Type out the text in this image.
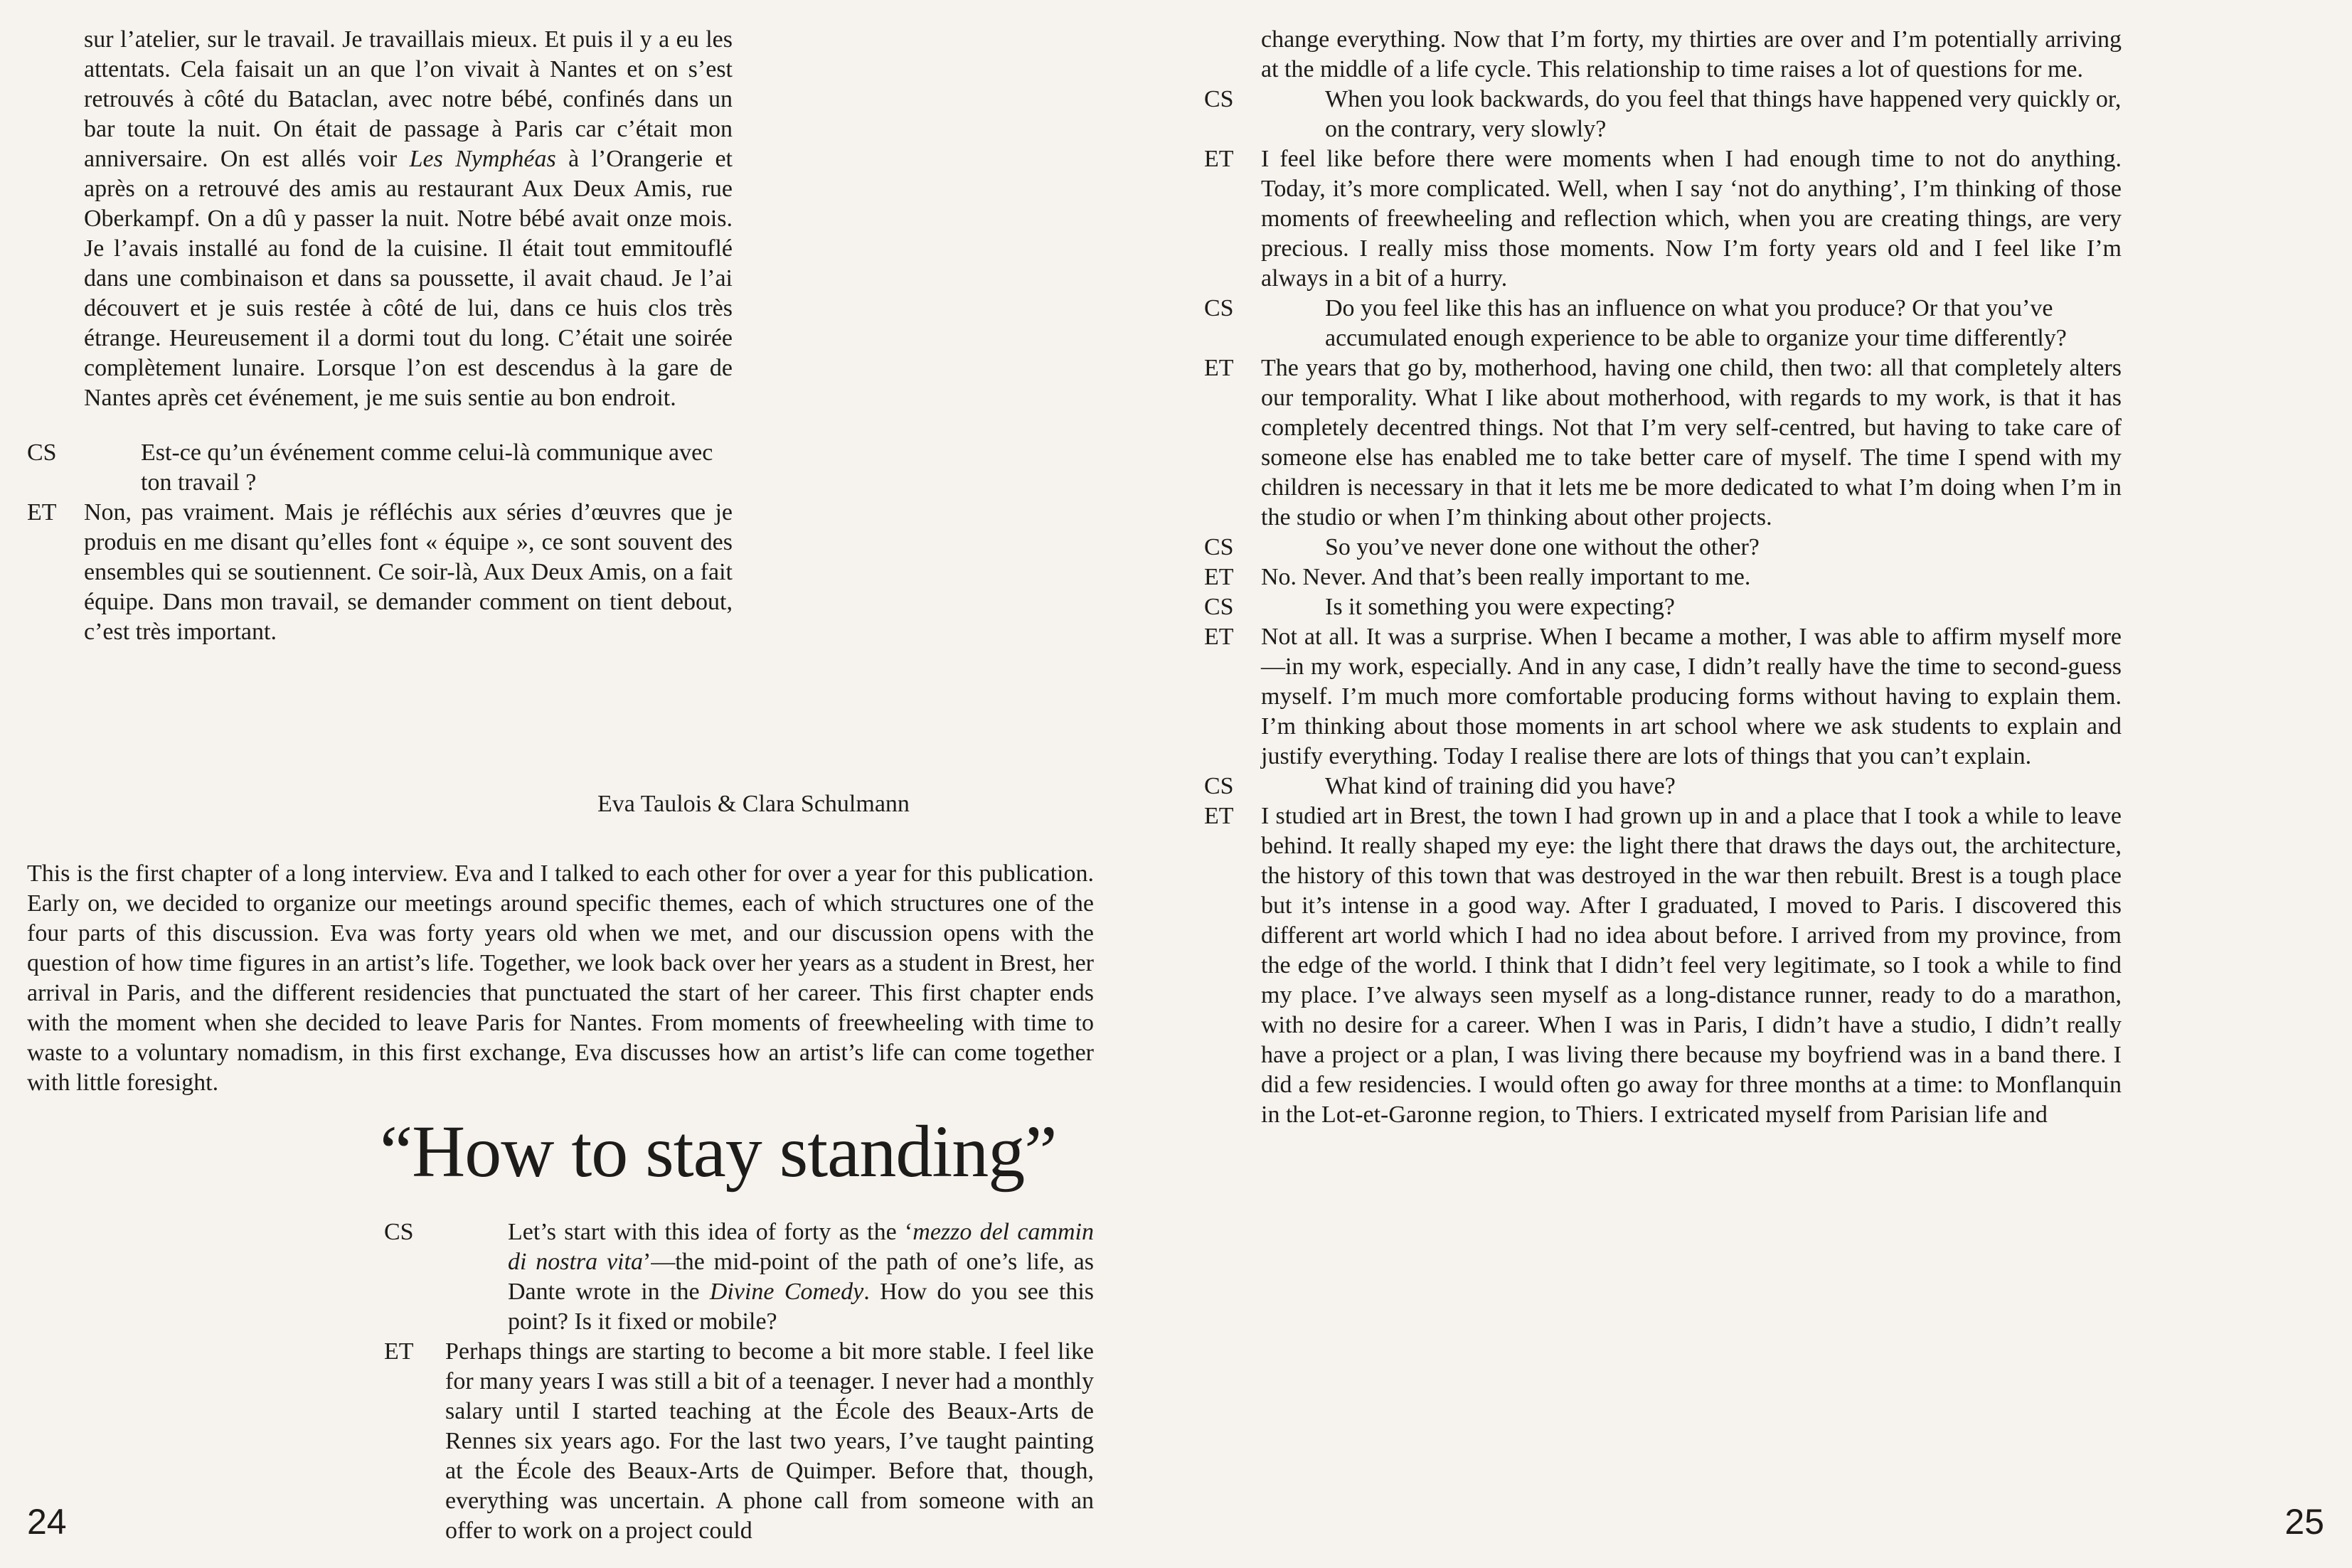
sur l’atelier, sur le travail. Je travaillais mieux. Et puis il y a eu les attentats. Cela faisait un an que l’on vivait à Nantes et on s’est retrouvés à côté du Bataclan, avec notre bébé, confinés dans un bar toute la nuit. On était de passage à Paris car c’était mon anniversaire. On est allés voir Les Nymphéas à l’Orangerie et après on a retrouvé des amis au restaurant Aux Deux Amis, rue Oberkampf. On a dû y passer la nuit. Notre bébé avait onze mois. Je l’avais installé au fond de la cuisine. Il était tout emmitouflé dans une combinaison et dans sa poussette, il avait chaud. Je l’ai découvert et je suis restée à côté de lui, dans ce huis clos très étrange. Heureusement il a dormi tout du long. C’était une soirée complètement lunaire. Lorsque l’on est descendus à la gare de Nantes après cet événement, je me suis sentie au bon endroit.
CS	Est-ce qu’un événement comme celui-là communique avec ton travail ?
ET	Non, pas vraiment. Mais je réfléchis aux séries d’œuvres que je produis en me disant qu’elles font « équipe », ce sont souvent des ensembles qui se soutiennent. Ce soir-là, Aux Deux Amis, on a fait équipe. Dans mon travail, se demander comment on tient debout, c’est très important.
Eva Taulois & Clara Schulmann
This is the first chapter of a long interview. Eva and I talked to each other for over a year for this publication. Early on, we decided to organize our meetings around specific themes, each of which structures one of the four parts of this discussion. Eva was forty years old when we met, and our discussion opens with the question of how time figures in an artist’s life. Together, we look back over her years as a student in Brest, her arrival in Paris, and the different residencies that punctuated the start of her career. This first chapter ends with the moment when she decided to leave Paris for Nantes. From moments of freewheeling with time to waste to a voluntary nomadism, in this first exchange, Eva discusses how an artist’s life can come together with little foresight.
“How to stay standing”
CS	Let’s start with this idea of forty as the ‘mezzo del cammin di nostra vita’—the mid-point of the path of one’s life, as Dante wrote in the Divine Comedy. How do you see this point? Is it fixed or mobile?
ET	Perhaps things are starting to become a bit more stable. I feel like for many years I was still a bit of a teenager. I never had a monthly salary until I started teaching at the École des Beaux-Arts de Rennes six years ago. For the last two years, I’ve taught painting at the École des Beaux-Arts de Quimper. Before that, though, everything was uncertain. A phone call from someone with an offer to work on a project could
24
change everything. Now that I’m forty, my thirties are over and I’m potentially arriving at the middle of a life cycle. This relationship to time raises a lot of questions for me.
CS	When you look backwards, do you feel that things have happened very quickly or, on the contrary, very slowly?
ET	I feel like before there were moments when I had enough time to not do anything. Today, it’s more complicated. Well, when I say ‘not do anything’, I’m thinking of those moments of freewheeling and reflection which, when you are creating things, are very precious. I really miss those moments. Now I’m forty years old and I feel like I’m always in a bit of a hurry.
CS	Do you feel like this has an influence on what you produce? Or that you’ve accumulated enough experience to be able to organize your time differently?
ET	The years that go by, motherhood, having one child, then two: all that completely alters our temporality. What I like about motherhood, with regards to my work, is that it has completely decentred things. Not that I’m very self-centred, but having to take care of someone else has enabled me to take better care of myself. The time I spend with my children is necessary in that it lets me be more dedicated to what I’m doing when I’m in the studio or when I’m thinking about other projects.
CS	So you’ve never done one without the other?
ET	No. Never. And that’s been really important to me.
CS	Is it something you were expecting?
ET	Not at all. It was a surprise. When I became a mother, I was able to affirm myself more—in my work, especially. And in any case, I didn’t really have the time to second-guess myself. I’m much more comfortable producing forms without having to explain them. I’m thinking about those moments in art school where we ask students to explain and justify everything. Today I realise there are lots of things that you can’t explain.
CS	What kind of training did you have?
ET	I studied art in Brest, the town I had grown up in and a place that I took a while to leave behind. It really shaped my eye: the light there that draws the days out, the architecture, the history of this town that was destroyed in the war then rebuilt. Brest is a tough place but it’s intense in a good way. After I graduated, I moved to Paris. I discovered this different art world which I had no idea about before. I arrived from my province, from the edge of the world. I think that I didn’t feel very legitimate, so I took a while to find my place. I’ve always seen myself as a long-distance runner, ready to do a marathon, with no desire for a career. When I was in Paris, I didn’t have a studio, I didn’t really have a project or a plan, I was living there because my boyfriend was in a band there. I did a few residencies. I would often go away for three months at a time: to Monflanquin in the Lot-et-Garonne region, to Thiers. I extricated myself from Parisian life and
25
